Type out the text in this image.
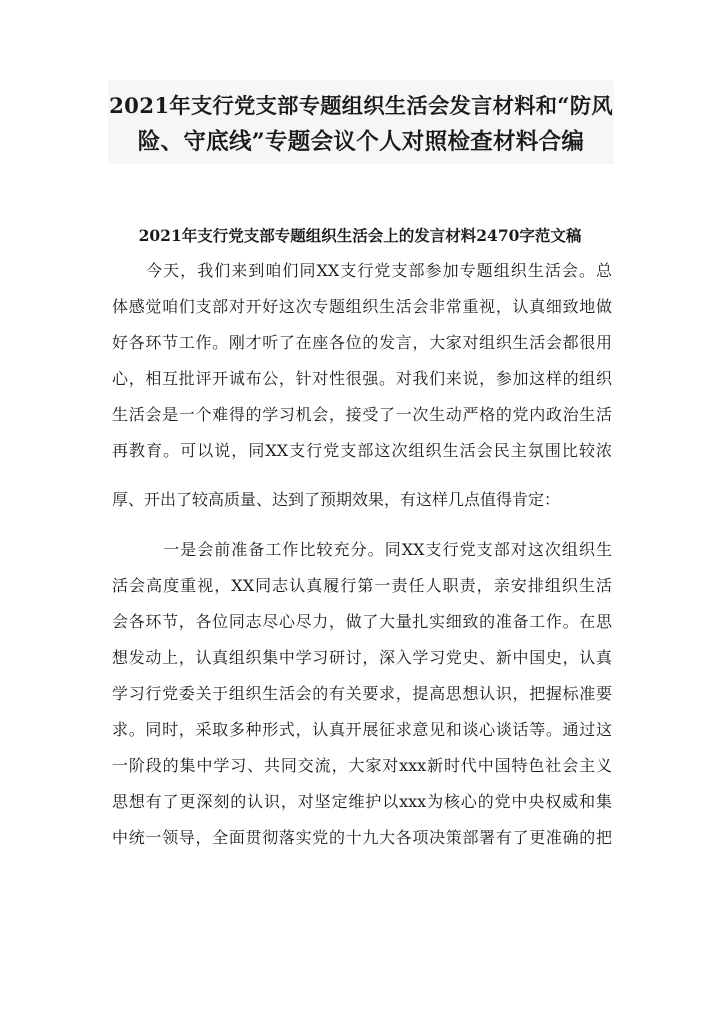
2021年支行党支部专题组织生活会发言材料和“防风
险、守底线”专题会议个人对照检查材料合编
2021年支行党支部专题组织生活会上的发言材料2470字范文稿
　　今天，我们来到咱们同XX支行党支部参加专题组织生活会。总
体感觉咱们支部对开好这次专题组织生活会非常重视，认真细致地做
好各环节工作。刚才听了在座各位的发言，大家对组织生活会都很用
心，相互批评开诚布公，针对性很强。对我们来说，参加这样的组织
生活会是一个难得的学习机会，接受了一次生动严格的党内政治生活
再教育。可以说，同XX支行党支部这次组织生活会民主氛围比较浓
厚、开出了较高质量、达到了预期效果，有这样几点值得肯定：
　　　一是会前准备工作比较充分。同XX支行党支部对这次组织生
活会高度重视，XX同志认真履行第一责任人职责，亲安排组织生活
会各环节，各位同志尽心尽力，做了大量扎实细致的准备工作。在思
想发动上，认真组织集中学习研讨，深入学习党史、新中国史，认真
学习行党委关于组织生活会的有关要求，提高思想认识，把握标准要
求。同时，采取多种形式，认真开展征求意见和谈心谈话等。通过这
一阶段的集中学习、共同交流，大家对xxx新时代中国特色社会主义
思想有了更深刻的认识，对坚定维护以xxx为核心的党中央权威和集
中统一领导，全面贯彻落实党的十九大各项决策部署有了更准确的把
